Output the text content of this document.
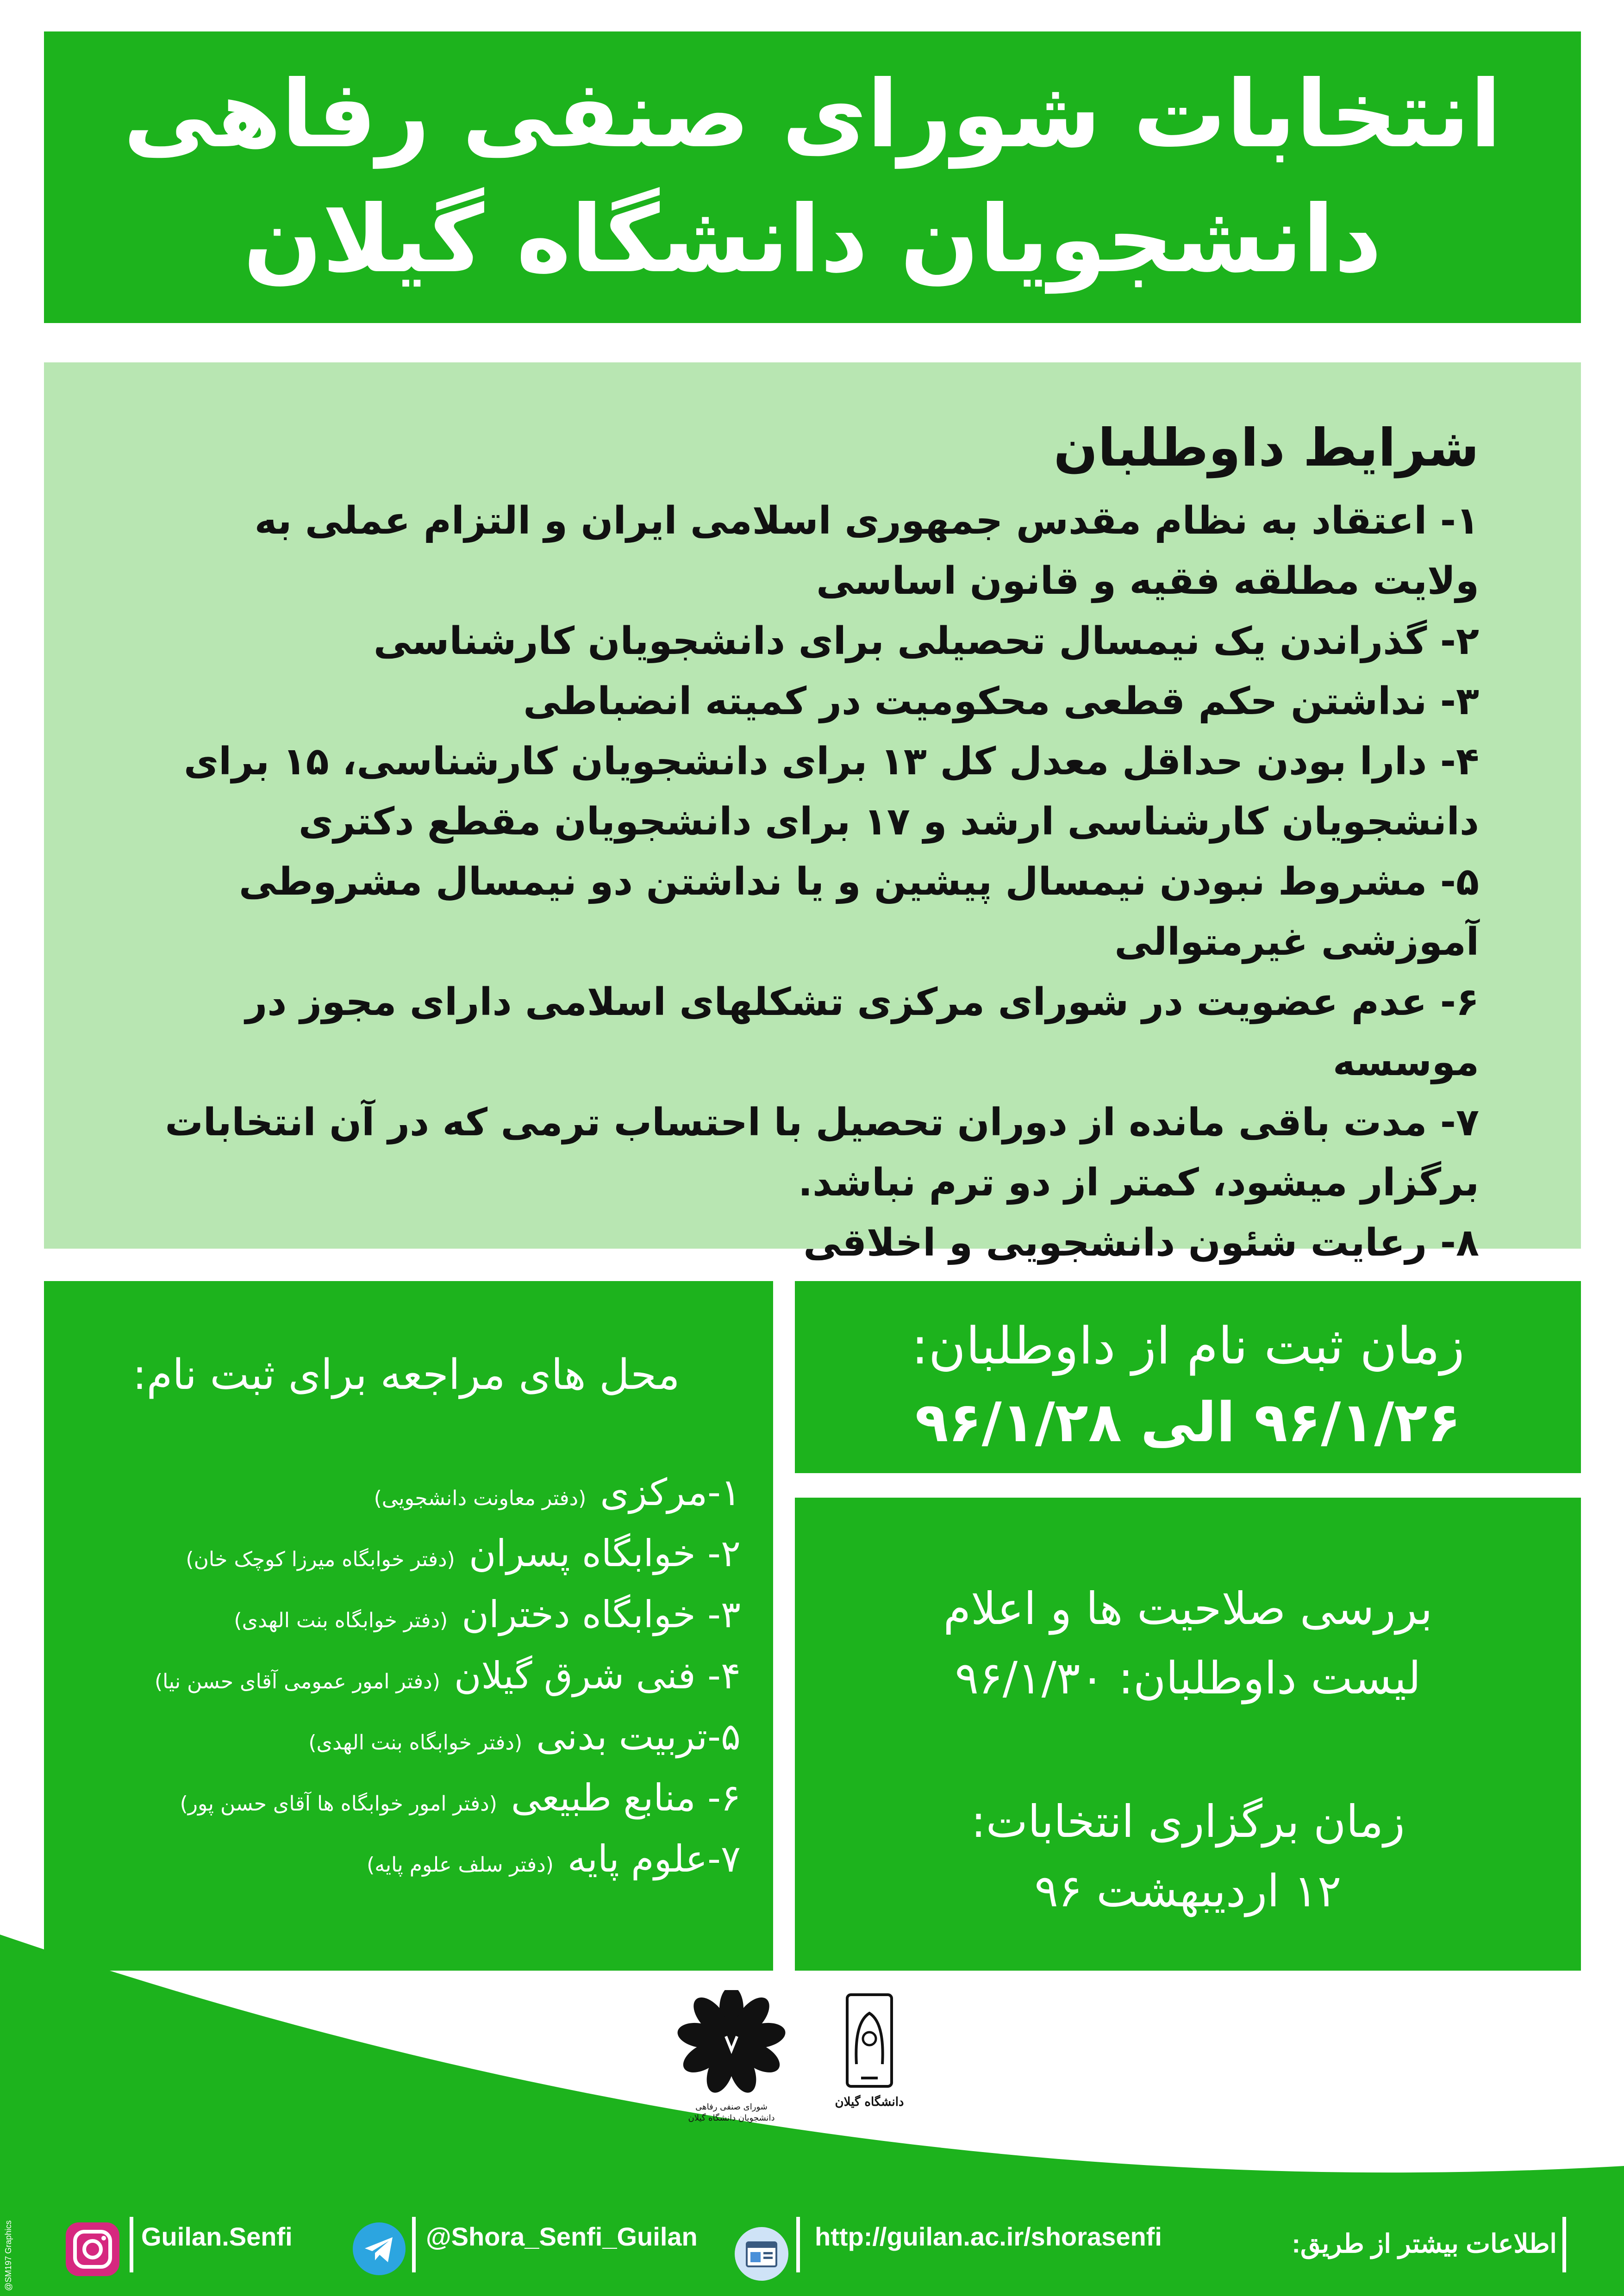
انتخابات شورای صنفی رفاهی
دانشجویان دانشگاه گیلان
شرایط داوطلبان
۱- اعتقاد به نظام مقدس جمهوری اسلامی ایران و التزام عملی به ولایت مطلقه فقیه و قانون اساسی
۲- گذراندن یک نیمسال تحصیلی برای دانشجویان کارشناسی
۳- نداشتن حکم قطعی محکومیت در کمیته انضباطی
۴- دارا بودن حداقل معدل کل ۱۳ برای دانشجویان کارشناسی، ۱۵ برای دانشجویان کارشناسی ارشد و ۱۷ برای دانشجویان مقطع دکتری
۵- مشروط نبودن نیمسال پیشین و یا نداشتن دو نیمسال مشروطی آموزشی غیرمتوالی
۶- عدم عضویت در شورای مرکزی تشکلهای اسلامی دارای مجوز در موسسه
۷- مدت باقی مانده از دوران تحصیل با احتساب ترمی که در آن انتخابات برگزار میشود، کمتر از دو ترم نباشد.
۸- رعایت شئون دانشجویی و اخلاقی
محل های مراجعه برای ثبت نام:
۱-مرکزی
(دفتر معاونت دانشجویی)
۲- خوابگاه پسران
(دفتر خوابگاه میرزا کوچک خان)
۳- خوابگاه دختران
(دفتر خوابگاه بنت الهدی)
۴- فنی شرق گیلان
(دفتر امور عمومی آقای حسن نیا)
۵-تربیت بدنی
(دفتر خوابگاه بنت الهدی)
۶- منابع طبیعی
(دفتر امور خوابگاه ها آقای حسن پور)
۷-علوم پایه
(دفتر سلف علوم پایه)
زمان ثبت نام از داوطلبان:
۹۶/۱/۲۶ الی ۹۶/۱/۲۸
بررسی صلاحیت ها و اعلام
لیست داوطلبان: ۹۶/۱/۳۰
زمان برگزاری انتخابات:
۱۲ اردیبهشت ۹۶
شورای صنفی رفاهی
دانشجویان دانشگاه گیلان
دانشگاه گیلان
اطلاعات بیشتر از طریق:
http://guilan.ac.ir/shorasenfi
@Shora_Senfi_Guilan
Guilan.Senfi
@SM197 Graphics
